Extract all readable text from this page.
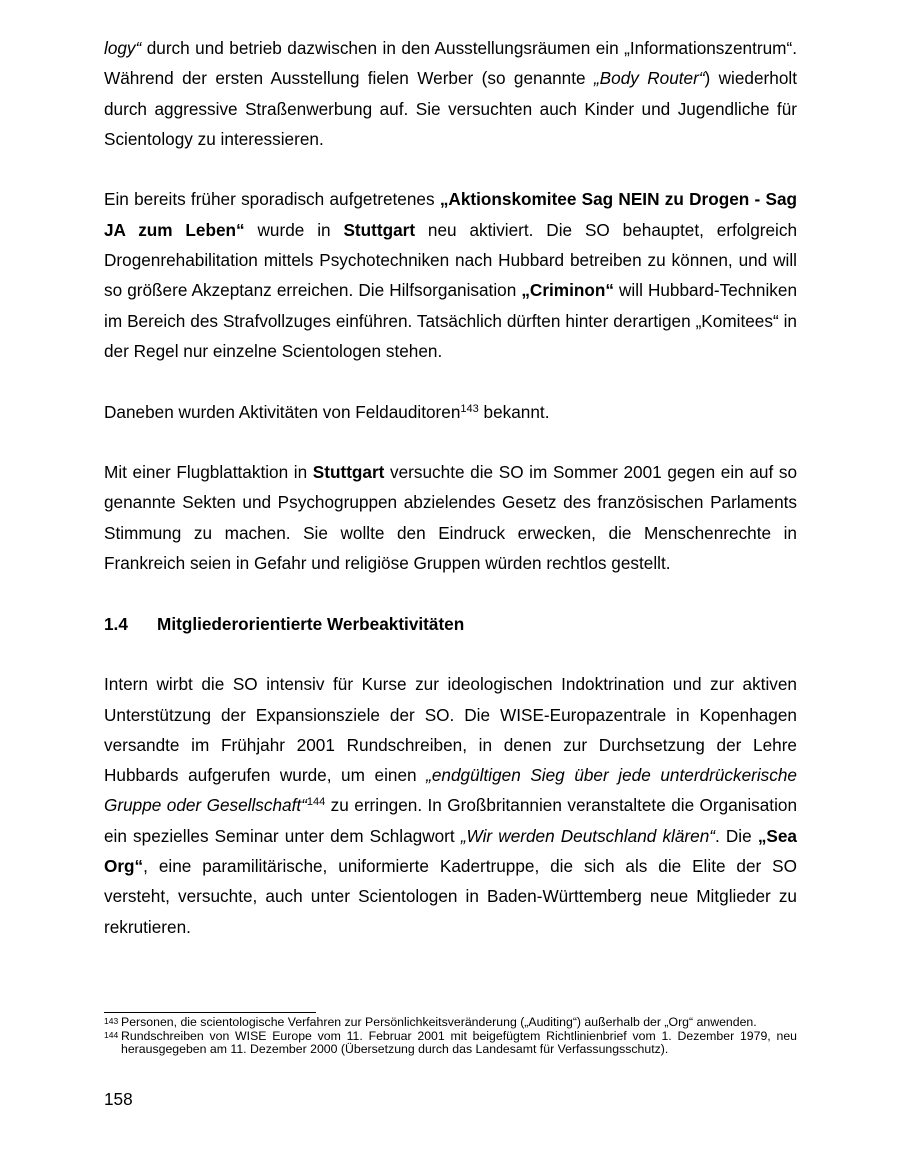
logy“ durch und betrieb dazwischen in den Ausstellungsräumen ein „Informationszentrum“. Während der ersten Ausstellung fielen Werber (so genannte „Body Router“) wiederholt durch aggressive Straßenwerbung auf. Sie versuchten auch Kinder und Jugendliche für Scientology zu interessieren.

Ein bereits früher sporadisch aufgetretenes „Aktionskomitee Sag NEIN zu Drogen - Sag JA zum Leben“ wurde in Stuttgart neu aktiviert. Die SO behauptet, erfolgreich Drogenrehabilitation mittels Psychotechniken nach Hubbard betreiben zu können, und will so größere Akzeptanz erreichen. Die Hilfsorganisation „Criminon“ will Hubbard-Techniken im Bereich des Strafvollzuges einführen. Tatsächlich dürften hinter derartigen „Komitees“ in der Regel nur einzelne Scientologen stehen.

Daneben wurden Aktivitäten von Feldauditoren$^{143}$ bekannt.

Mit einer Flugblattaktion in Stuttgart versuchte die SO im Sommer 2001 gegen ein auf so genannte Sekten und Psychogruppen abzielendes Gesetz des französischen Parlaments Stimmung zu machen. Sie wollte den Eindruck erwecken, die Menschenrechte in Frankreich seien in Gefahr und religiöse Gruppen würden rechtlos gestellt.

1.4 Mitgliederorientierte Werbeaktivitäten

Intern wirbt die SO intensiv für Kurse zur ideologischen Indoktrination und zur aktiven Unterstützung der Expansionsziele der SO. Die WISE-Europazentrale in Kopenhagen versandte im Frühjahr 2001 Rundschreiben, in denen zur Durchsetzung der Lehre Hubbards aufgerufen wurde, um einen „endgültigen Sieg über jede unterdrückerische Gruppe oder Gesellschaft“$^{144}$ zu erringen. In Großbritannien veranstaltete die Organisation ein spezielles Seminar unter dem Schlagwort „Wir werden Deutschland klären“. Die „Sea Org“, eine paramilitärische, uniformierte Kadertruppe, die sich als die Elite der SO versteht, versuchte, auch unter Scientologen in Baden-Württemberg neue Mitglieder zu rekrutieren.

143 Personen, die scientologische Verfahren zur Persönlichkeitsveränderung („Auditing“) außerhalb der „Org“ anwenden.
144 Rundschreiben von WISE Europe vom 11. Februar 2001 mit beigefügtem Richtlinienbrief vom 1. Dezember 1979, neu herausgegeben am 11. Dezember 2000 (Übersetzung durch das Landesamt für Verfassungsschutz).
158
